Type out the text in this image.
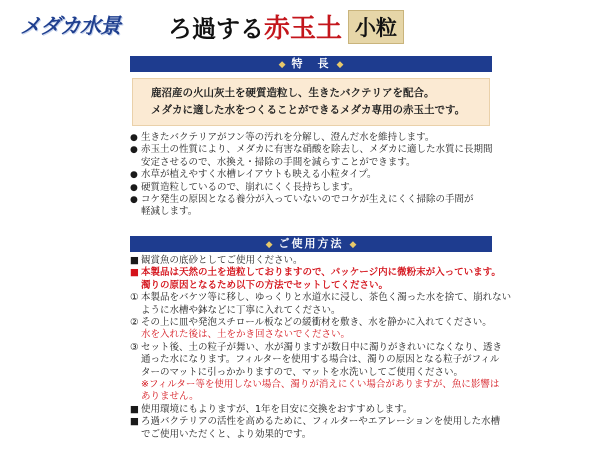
メダカ水景 ろ過する赤玉土 小粒
◆ 特　長 ◆

鹿沼産の火山灰土を硬質造粒し、生きたバクテリアを配合。

メダカに適した水をつくることができるメダカ専用の赤玉土です。

● 生きたバクテリアがフン等の汚れを分解し、澄んだ水を維持します。
● 赤玉土の性質により、メダカに有害な硝酸を除去し、メダカに適した水質に長期間
安定させるので、水換え・掃除の手間を減らすことができます。
● 水草が植えやすく水槽レイアウトも映える小粒タイプ。
● 硬質造粒しているので、崩れにくく長持ちします。
● コケ発生の原因となる養分が入っていないのでコケが生えにくく掃除の手間が
軽減します。
◆ ご使用方法 ◆
■ 観賞魚の底砂としてご使用ください。
■ 本製品は天然の土を造粒しておりますので、パッケージ内に微粉末が入っています。
濁りの原因となるため以下の方法でセットしてください。
① 本製品をバケツ等に移し、ゆっくりと水道水に浸し、茶色く濁った水を捨て、崩れない
ように水槽や鉢などに丁寧に入れてください。
② その上に皿や発泡スチロール板などの緩衝材を敷き、水を静かに入れてください。
水を入れた後は、土をかき回さないでください。
③ セット後、土の粒子が舞い、水が濁りますが数日中に濁りがきれいになくなり、透き
通った水になります。フィルターを使用する場合は、濁りの原因となる粒子がフィル
ターのマットに引っかかりますので、マットを水洗いしてご使用ください。
※フィルター等を使用しない場合、濁りが消えにくい場合がありますが、魚に影響は
ありません。
■ 使用環境にもよりますが、1年を目安に交換をおすすめします。
■ ろ過バクテリアの活性を高めるために、フィルターやエアレーションを使用した水槽
でご使用いただくと、より効果的です。
